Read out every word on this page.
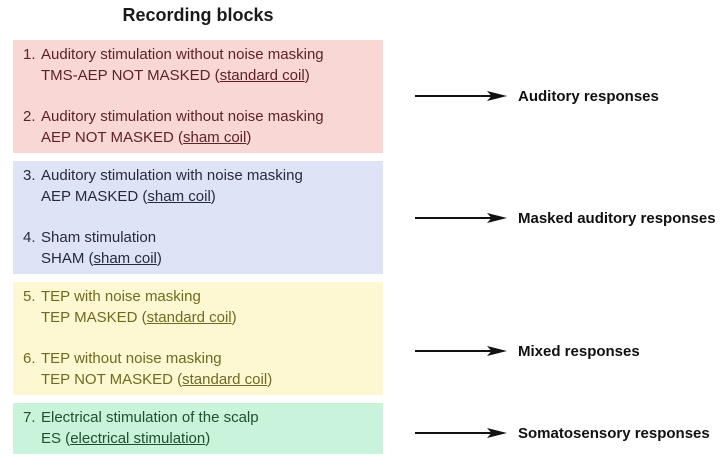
Recording blocks
1. Auditory stimulation without noise masking
TMS-AEP NOT MASKED (standard coil)
2. Auditory stimulation without noise masking
AEP NOT MASKED (sham coil)
3. Auditory stimulation with noise masking
AEP MASKED (sham coil)
4. Sham stimulation
SHAM (sham coil)
5. TEP with noise masking
TEP MASKED (standard coil)
6. TEP without noise masking
TEP NOT MASKED (standard coil)
7. Electrical stimulation of the scalp
ES (electrical stimulation)
Auditory responses
Masked auditory responses
Mixed responses
Somatosensory responses
